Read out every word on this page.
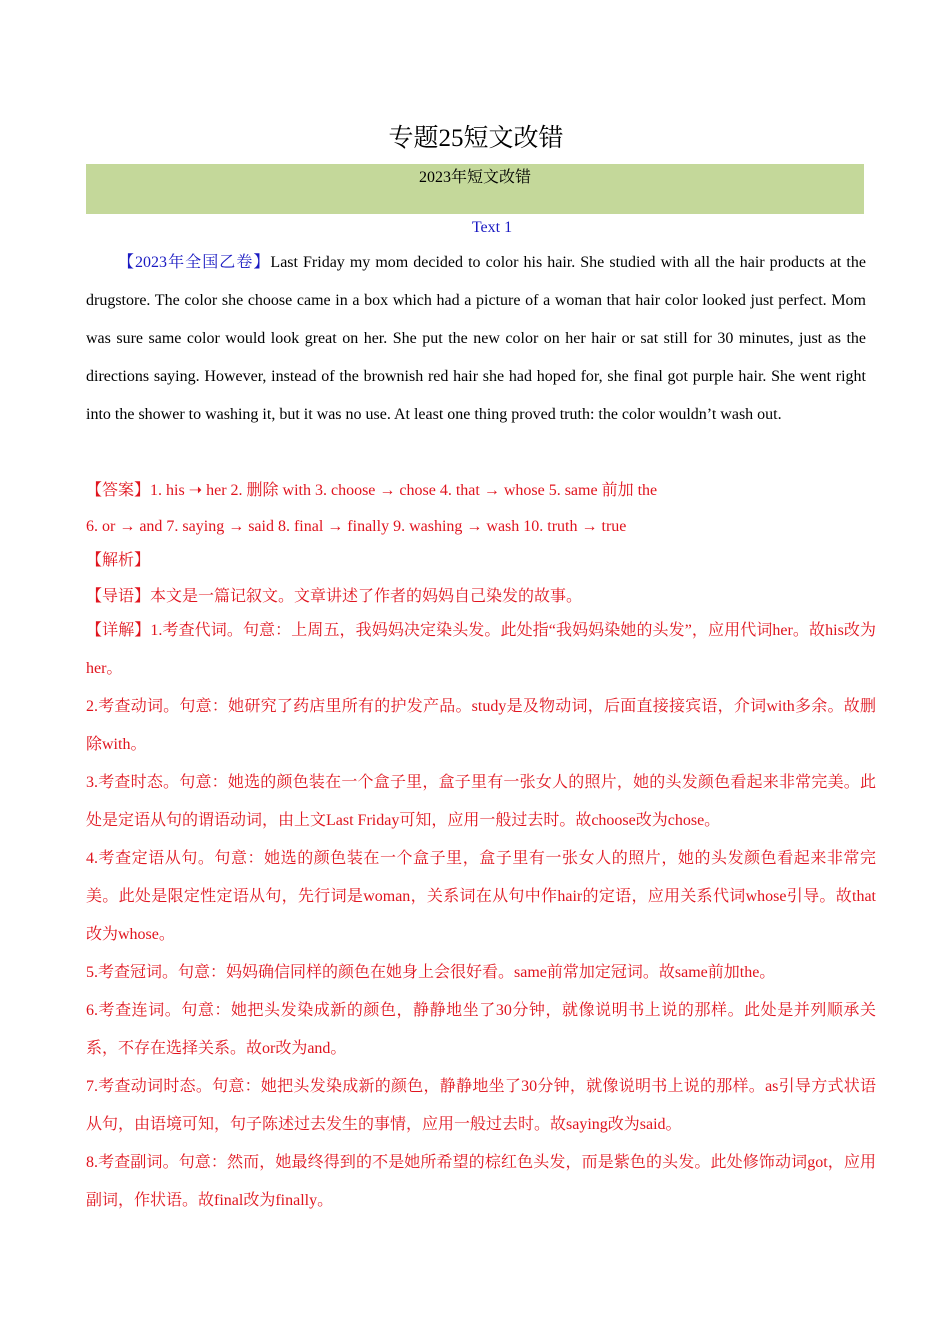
专题25短文改错
2023年短文改错
Text 1
【2023年全国乙卷】Last Friday my mom decided to color his hair. She studied with all the hair products at the drugstore. The color she choose came in a box which had a picture of a woman that hair color looked just perfect. Mom was sure same color would look great on her. She put the new color on her hair or sat still for 30 minutes, just as the directions saying. However, instead of the brownish red hair she had hoped for, she final got purple hair. She went right into the shower to washing it, but it was no use. At least one thing proved truth: the color wouldn’t wash out.
【答案】1. his ➝ her 2. 删除 with 3. choose → chose 4. that → whose 5. same 前加 the
6. or → and 7. saying → said 8. final → finally 9. washing → wash 10. truth → true
【解析】
【导语】本文是一篇记叙文。文章讲述了作者的妈妈自己染发的故事。

【详解】1.考查代词。句意：上周五，我妈妈决定染头发。此处指“我妈妈染她的头发”，应用代词her。故his改为her。

2.考查动词。句意：她研究了药店里所有的护发产品。study是及物动词，后面直接接宾语，介词with多余。故删除with。

3.考查时态。句意：她选的颜色装在一个盒子里，盒子里有一张女人的照片，她的头发颜色看起来非常完美。此处是定语从句的谓语动词，由上文Last Friday可知，应用一般过去时。故choose改为chose。

4.考查定语从句。句意：她选的颜色装在一个盒子里，盒子里有一张女人的照片，她的头发颜色看起来非常完美。此处是限定性定语从句，先行词是woman，关系词在从句中作hair的定语，应用关系代词whose引导。故that改为whose。

5.考查冠词。句意：妈妈确信同样的颜色在她身上会很好看。same前常加定冠词。故same前加the。

6.考查连词。句意：她把头发染成新的颜色，静静地坐了30分钟，就像说明书上说的那样。此处是并列顺承关系，不存在选择关系。故or改为and。

7.考查动词时态。句意：她把头发染成新的颜色，静静地坐了30分钟，就像说明书上说的那样。as引导方式状语从句，由语境可知，句子陈述过去发生的事情，应用一般过去时。故saying改为said。

8.考查副词。句意：然而，她最终得到的不是她所希望的棕红色头发，而是紫色的头发。此处修饰动词got，应用副词，作状语。故final改为finally。
